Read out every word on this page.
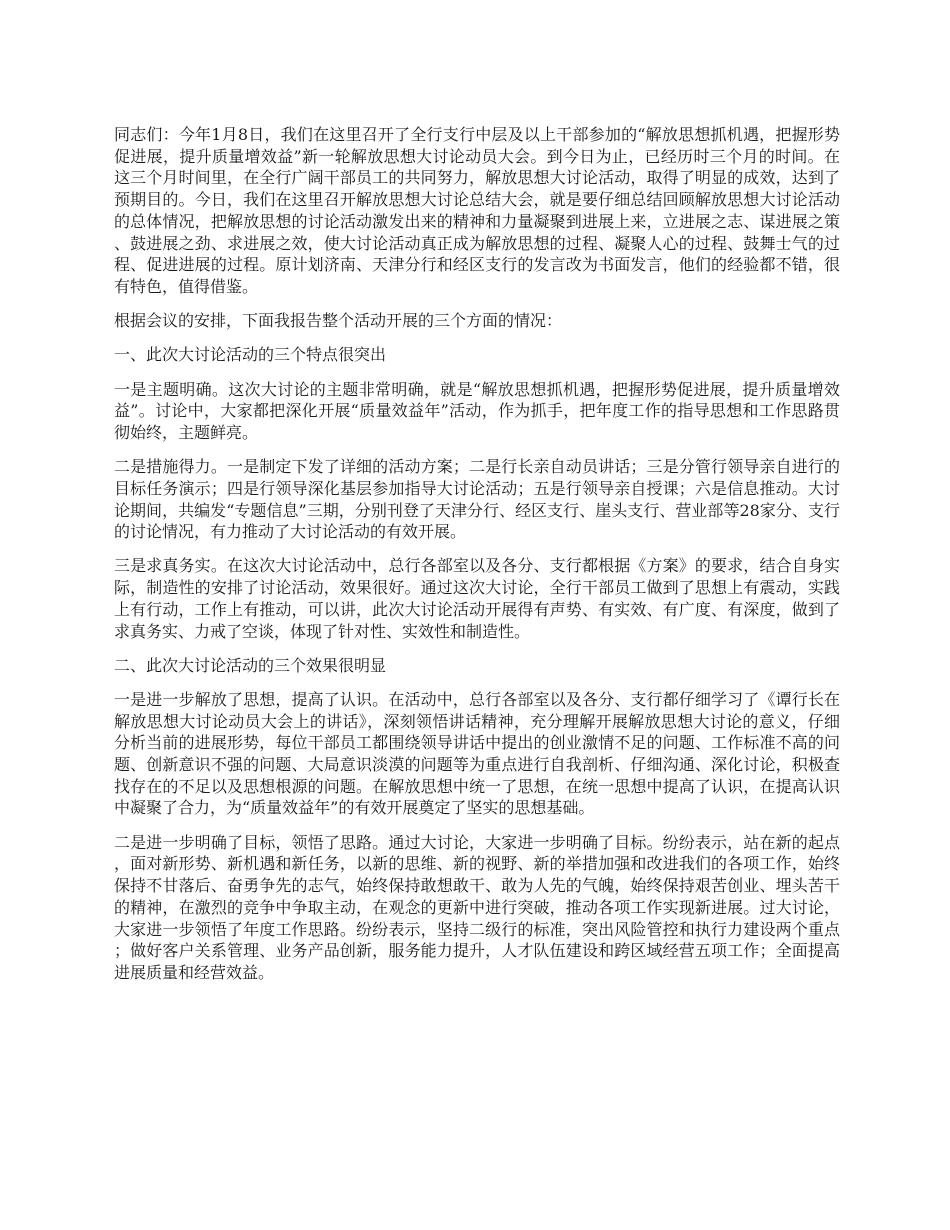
同志们：今年1月8日，我们在这里召开了全行支行中层及以上干部参加的“解放思想抓机遇，把握形势促进展，提升质量增效益”新一轮解放思想大讨论动员大会。到今日为止，已经历时三个月的时间。在这三个月时间里，在全行广阔干部员工的共同努力，解放思想大讨论活动，取得了明显的成效，达到了预期目的。今日，我们在这里召开解放思想大讨论总结大会，就是要仔细总结回顾解放思想大讨论活动的总体情况，把解放思想的讨论活动激发出来的精神和力量凝聚到进展上来，立进展之志、谋进展之策、鼓进展之劲、求进展之效，使大讨论活动真正成为解放思想的过程、凝聚人心的过程、鼓舞士气的过程、促进进展的过程。原计划济南、天津分行和经区支行的发言改为书面发言，他们的经验都不错，很有特色，值得借鉴。

根据会议的安排，下面我报告整个活动开展的三个方面的情况：

一、此次大讨论活动的三个特点很突出

一是主题明确。这次大讨论的主题非常明确，就是“解放思想抓机遇，把握形势促进展，提升质量增效益”。讨论中，大家都把深化开展“质量效益年”活动，作为抓手，把年度工作的指导思想和工作思路贯彻始终，主题鲜亮。

二是措施得力。一是制定下发了详细的活动方案；二是行长亲自动员讲话；三是分管行领导亲自进行的目标任务演示；四是行领导深化基层参加指导大讨论活动；五是行领导亲自授课；六是信息推动。大讨论期间，共编发“专题信息”三期，分别刊登了天津分行、经区支行、崖头支行、营业部等28家分、支行的讨论情况，有力推动了大讨论活动的有效开展。

三是求真务实。在这次大讨论活动中，总行各部室以及各分、支行都根据《方案》的要求，结合自身实际，制造性的安排了讨论活动，效果很好。通过这次大讨论，全行干部员工做到了思想上有震动，实践上有行动，工作上有推动，可以讲，此次大讨论活动开展得有声势、有实效、有广度、有深度，做到了求真务实、力戒了空谈，体现了针对性、实效性和制造性。

二、此次大讨论活动的三个效果很明显

一是进一步解放了思想，提高了认识。在活动中，总行各部室以及各分、支行都仔细学习了《谭行长在解放思想大讨论动员大会上的讲话》，深刻领悟讲话精神，充分理解开展解放思想大讨论的意义，仔细分析当前的进展形势，每位干部员工都围绕领导讲话中提出的创业激情不足的问题、工作标准不高的问题、创新意识不强的问题、大局意识淡漠的问题等为重点进行自我剖析、仔细沟通、深化讨论，积极查找存在的不足以及思想根源的问题。在解放思想中统一了思想，在统一思想中提高了认识，在提高认识中凝聚了合力，为“质量效益年”的有效开展奠定了坚实的思想基础。

二是进一步明确了目标，领悟了思路。通过大讨论，大家进一步明确了目标。纷纷表示，站在新的起点，面对新形势、新机遇和新任务，以新的思维、新的视野、新的举措加强和改进我们的各项工作，始终保持不甘落后、奋勇争先的志气，始终保持敢想敢干、敢为人先的气魄，始终保持艰苦创业、埋头苦干的精神，在激烈的竞争中争取主动，在观念的更新中进行突破，推动各项工作实现新进展。过大讨论，大家进一步领悟了年度工作思路。纷纷表示，坚持二级行的标准，突出风险管控和执行力建设两个重点；做好客户关系管理、业务产品创新，服务能力提升，人才队伍建设和跨区域经营五项工作；全面提高进展质量和经营效益。
